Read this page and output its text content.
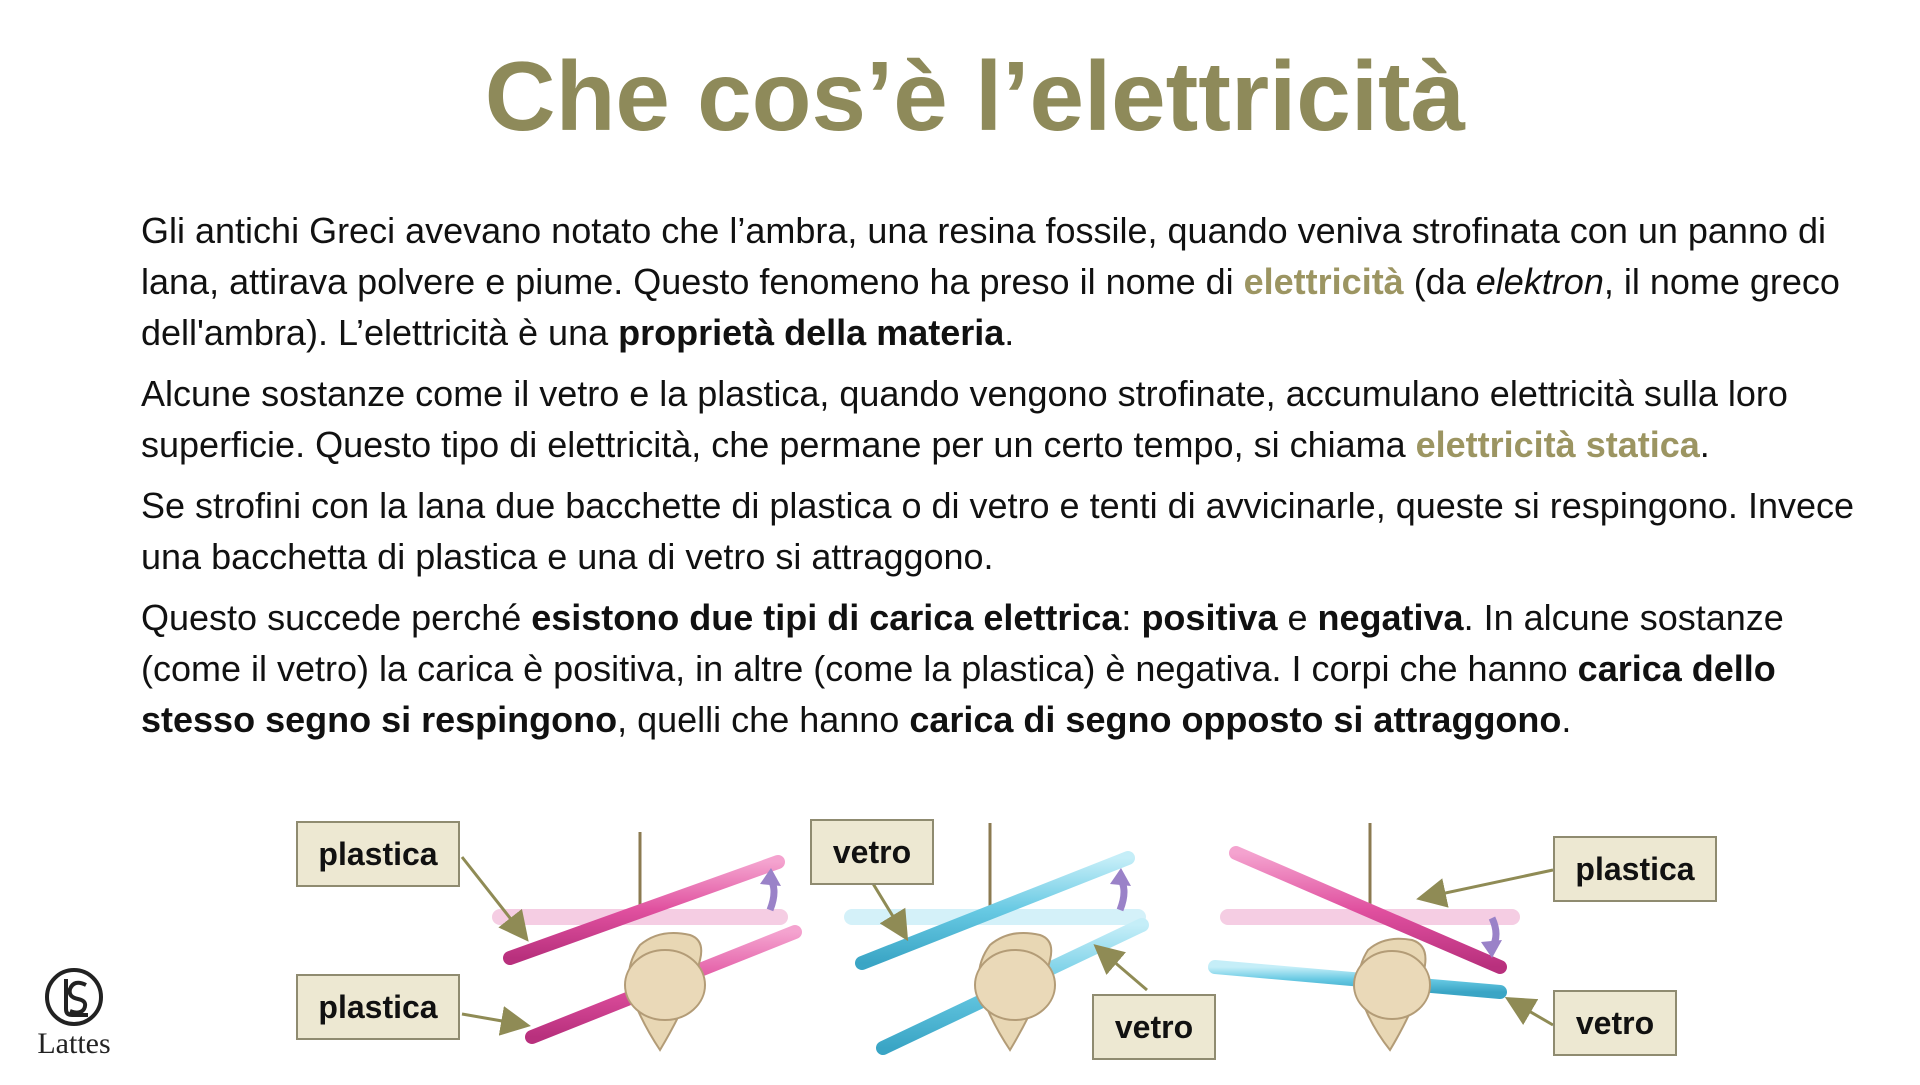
Che cos’è l’elettricità

Gli antichi Greci avevano notato che l’ambra, una resina fossile, quando veniva strofinata con un panno di lana, attirava polvere e piume. Questo fenomeno ha preso il nome di elettricità (da elektron, il nome greco dell'ambra). L’elettricità è una proprietà della materia.

Alcune sostanze come il vetro e la plastica, quando vengono strofinate, accumulano elettricità sulla loro superficie. Questo tipo di elettricità, che permane per un certo tempo, si chiama elettricità statica.

Se strofini con la lana due bacchette di plastica o di vetro e tenti di avvicinarle, queste si respingono. Invece una bacchetta di plastica e una di vetro si attraggono.

Questo succede perché esistono due tipi di carica elettrica: positiva e negativa. In alcune sostanze (come il vetro) la carica è positiva, in altre (come la plastica) è negativa. I corpi che hanno carica dello stesso segno si respingono, quelli che hanno carica di segno opposto si attraggono.

plastica
plastica
vetro
vetro
plastica
vetro
Lattes
